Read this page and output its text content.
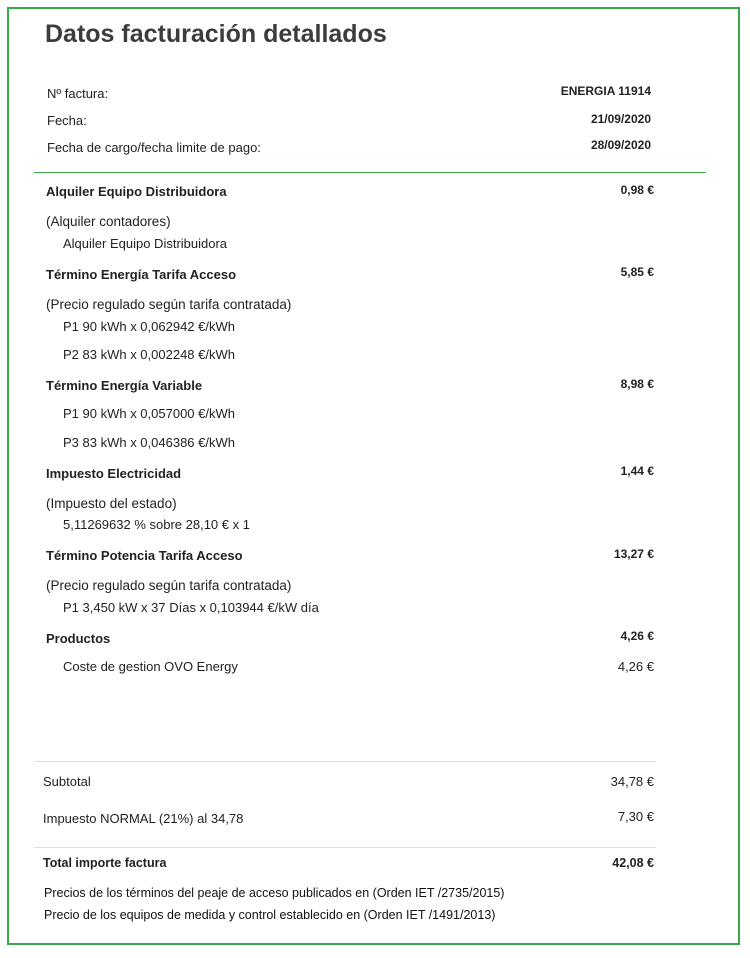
Datos facturación detallados
Nº factura:	ENERGIA 11914
Fecha:	21/09/2020
Fecha de cargo/fecha limite de pago:	28/09/2020
Alquiler Equipo Distribuidora	0,98 €
(Alquiler contadores)
Alquiler Equipo Distribuidora
Término Energía Tarifa Acceso	5,85 €
(Precio regulado según tarifa contratada)
P1 90 kWh x 0,062942 €/kWh
P2 83 kWh x 0,002248 €/kWh
Término Energía Variable	8,98 €
P1 90 kWh x 0,057000 €/kWh
P3 83 kWh x 0,046386 €/kWh
Impuesto Electricidad	1,44 €
(Impuesto del estado)
5,11269632 % sobre 28,10 € x 1
Término Potencia Tarifa Acceso	13,27 €
(Precio regulado según tarifa contratada)
P1 3,450 kW x 37 Días x 0,103944 €/kW día
Productos	4,26 €
Coste de gestion OVO Energy	4,26 €
Subtotal	34,78 €
Impuesto NORMAL (21%) al 34,78	7,30 €
Total importe factura	42,08 €
Precios de los términos del peaje de acceso publicados en (Orden IET /2735/2015)
Precio de los equipos de medida y control establecido en (Orden IET /1491/2013)
